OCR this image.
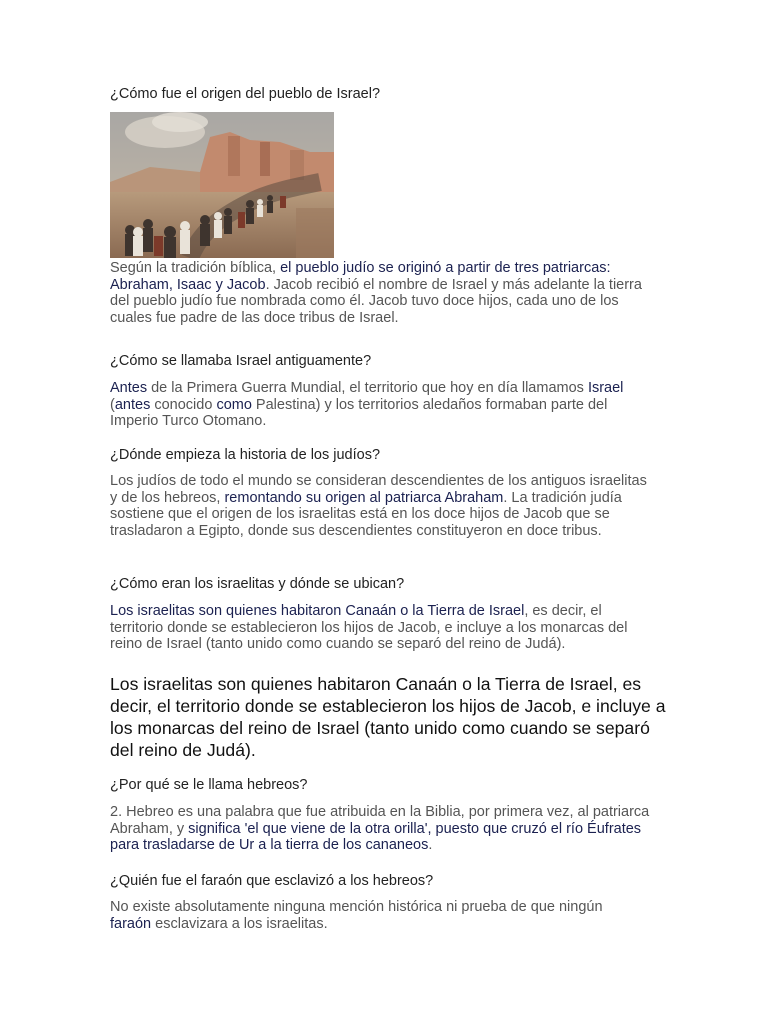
¿Cómo fue el origen del pueblo de Israel?

Según la tradición bíblica, el pueblo judío se originó a partir de tres patriarcas: Abraham, Isaac y Jacob. Jacob recibió el nombre de Israel y más adelante la tierra del pueblo judío fue nombrada como él. Jacob tuvo doce hijos, cada uno de los cuales fue padre de las doce tribus de Israel.

¿Cómo se llamaba Israel antiguamente?

Antes de la Primera Guerra Mundial, el territorio que hoy en día llamamos Israel (antes conocido como Palestina) y los territorios aledaños formaban parte del Imperio Turco Otomano.

¿Dónde empieza la historia de los judíos?

Los judíos de todo el mundo se consideran descendientes de los antiguos israelitas y de los hebreos, remontando su origen al patriarca Abraham. La tradición judía sostiene que el origen de los israelitas está en los doce hijos de Jacob que se trasladaron a Egipto, donde sus descendientes constituyeron en doce tribus.

¿Cómo eran los israelitas y dónde se ubican?

Los israelitas son quienes habitaron Canaán o la Tierra de Israel, es decir, el territorio donde se establecieron los hijos de Jacob, e incluye a los monarcas del reino de Israel (tanto unido como cuando se separó del reino de Judá).

Los israelitas son quienes habitaron Canaán o la Tierra de Israel, es decir, el territorio donde se establecieron los hijos de Jacob, e incluye a los monarcas del reino de Israel (tanto unido como cuando se separó del reino de Judá).

¿Por qué se le llama hebreos?

2. Hebreo es una palabra que fue atribuida en la Biblia, por primera vez, al patriarca Abraham, y significa 'el que viene de la otra orilla', puesto que cruzó el río Éufrates para trasladarse de Ur a la tierra de los cananeos.

¿Quién fue el faraón que esclavizó a los hebreos?

No existe absolutamente ninguna mención histórica ni prueba de que ningún faraón esclavizara a los israelitas.
